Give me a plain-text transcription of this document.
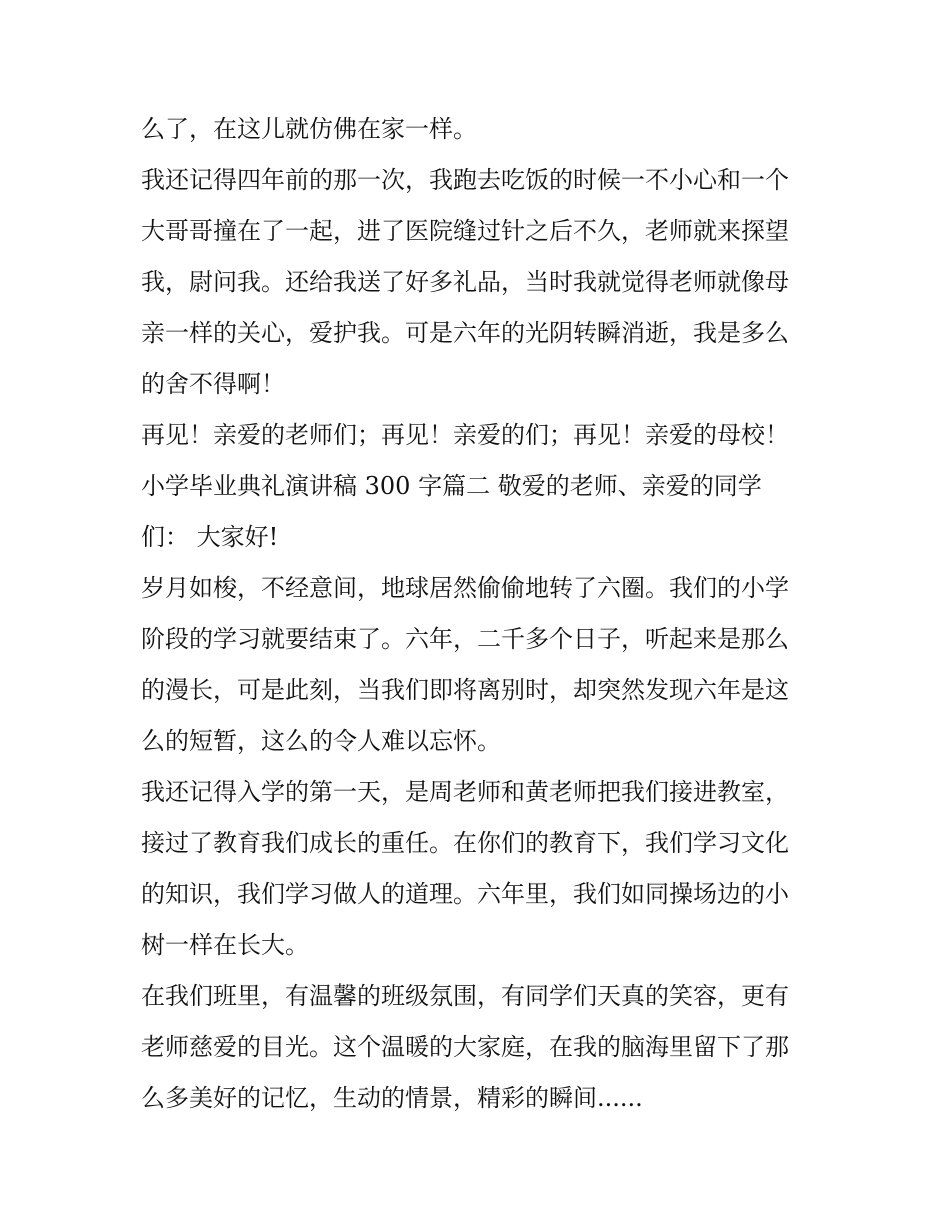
么了，在这儿就仿佛在家一样。
我还记得四年前的那一次，我跑去吃饭的时候一不小心和一个
大哥哥撞在了一起，进了医院缝过针之后不久，老师就来探望
我，尉问我。还给我送了好多礼品，当时我就觉得老师就像母
亲一样的关心，爱护我。可是六年的光阴转瞬消逝，我是多么
的舍不得啊！
再见！亲爱的老师们；再见！亲爱的们；再见！亲爱的母校！
小学毕业典礼演讲稿 300 字篇二 敬爱的老师、亲爱的同学
们： 大家好!
岁月如梭，不经意间，地球居然偷偷地转了六圈。我们的小学
阶段的学习就要结束了。六年，二千多个日子，听起来是那么
的漫长，可是此刻，当我们即将离别时，却突然发现六年是这
么的短暂，这么的令人难以忘怀。
我还记得入学的第一天，是周老师和黄老师把我们接进教室，
接过了教育我们成长的重任。在你们的教育下，我们学习文化
的知识，我们学习做人的道理。六年里，我们如同操场边的小
树一样在长大。
在我们班里，有温馨的班级氛围，有同学们天真的笑容，更有
老师慈爱的目光。这个温暖的大家庭，在我的脑海里留下了那
么多美好的记忆，生动的情景，精彩的瞬间......
